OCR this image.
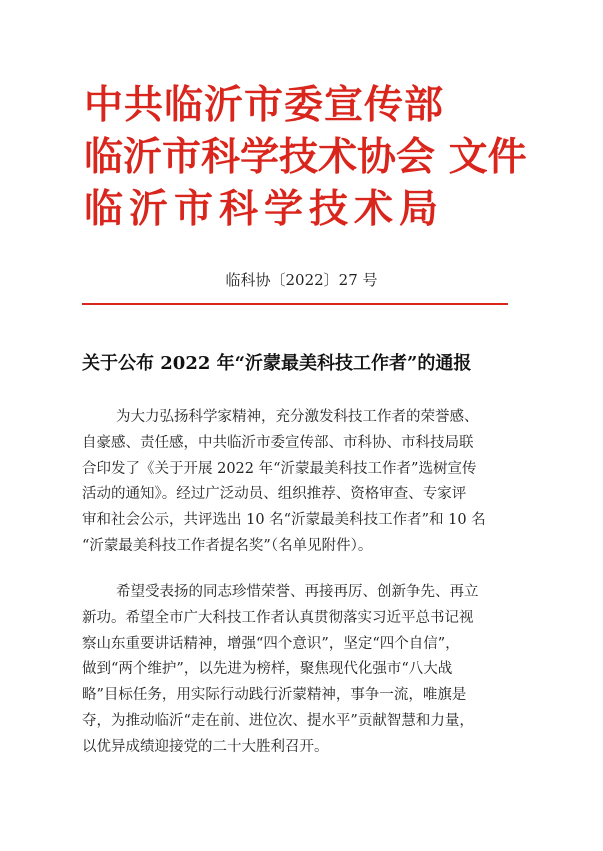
中共临沂市委宣传部
临沂市科学技术协会 文件
临沂市科学技术局
临科协〔2022〕27 号
关于公布 2022 年“沂蒙最美科技工作者”的通报
为大力弘扬科学家精神，充分激发科技工作者的荣誉感、
自豪感、责任感，中共临沂市委宣传部、市科协、市科技局联
合印发了《关于开展 2022 年“沂蒙最美科技工作者”选树宣传
活动的通知》。经过广泛动员、组织推荐、资格审查、专家评
审和社会公示，共评选出 10 名“沂蒙最美科技工作者”和 10 名
“沂蒙最美科技工作者提名奖”（名单见附件）。
希望受表扬的同志珍惜荣誉、再接再厉、创新争先、再立
新功。希望全市广大科技工作者认真贯彻落实习近平总书记视
察山东重要讲话精神，增强“四个意识”，坚定“四个自信”，
做到“两个维护”，以先进为榜样，聚焦现代化强市“八大战
略”目标任务，用实际行动践行沂蒙精神，事争一流，唯旗是
夺，为推动临沂“走在前、进位次、提水平”贡献智慧和力量，
以优异成绩迎接党的二十大胜利召开。
